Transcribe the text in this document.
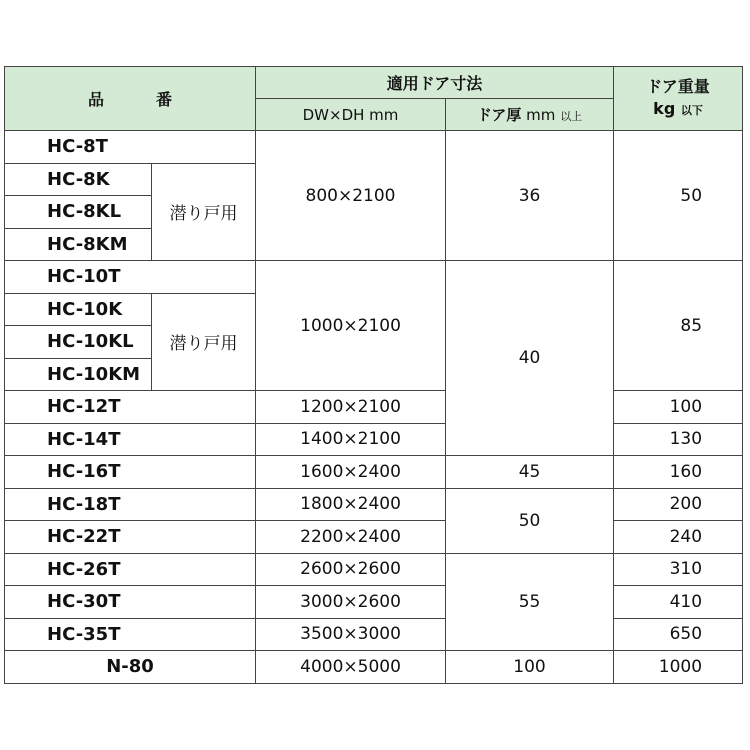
品　番		適用ドア寸法		ドア重量
kg 以下
		DW×DH mm	ドア厚 mm 以上	
HC-8T		800×2100	36	50
HC-8K	潜り戸用			
HC-8KL				
HC-8KM				
HC-10T		1000×2100	40	85
HC-10K	潜り戸用			
HC-10KL				
HC-10KM				
HC-12T		1200×2100		100
HC-14T		1400×2100		130
HC-16T		1600×2400	45	160
HC-18T		1800×2400	50	200
HC-22T		2200×2400		240
HC-26T		2600×2600	55	310
HC-30T		3000×2600		410
HC-35T		3500×3000		650
N-80		4000×5000	100	1000
